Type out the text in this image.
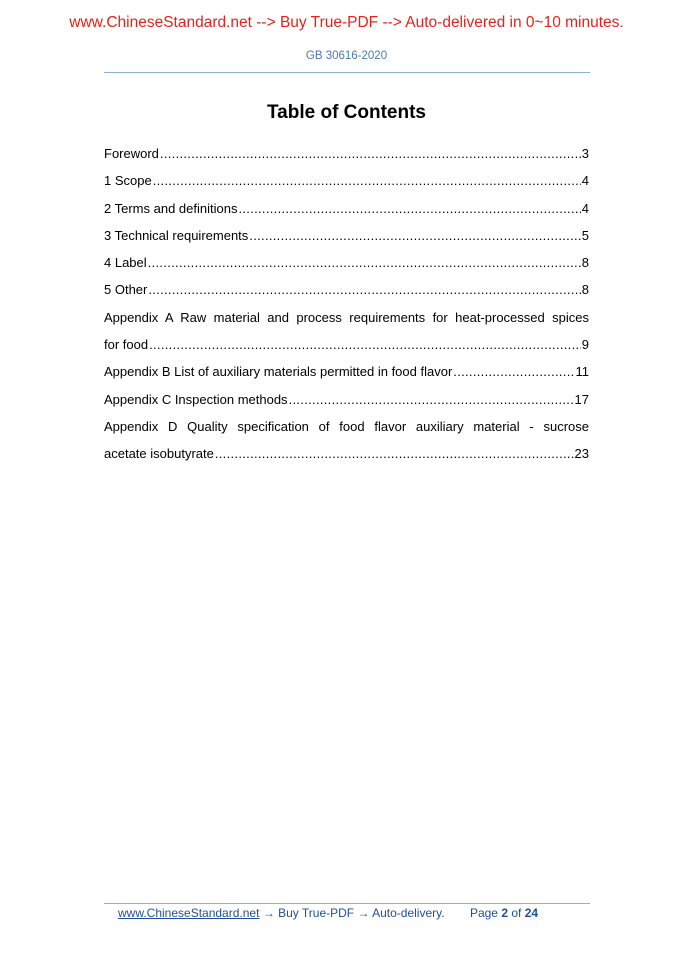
www.ChineseStandard.net --> Buy True-PDF --> Auto-delivered in 0~10 minutes.
GB 30616-2020
Table of Contents
Foreword .....	3
1 Scope .....	4
2 Terms and definitions .....	4
3 Technical requirements .....	5
4 Label .....	8
5 Other .....	8
Appendix A Raw material and process requirements for heat-processed spices
for food .....	9
Appendix B List of auxiliary materials permitted in food flavor .....	11
Appendix C Inspection methods .....	17
Appendix D Quality specification of food flavor auxiliary material - sucrose
acetate isobutyrate .....	23
www.ChineseStandard.net → Buy True-PDF → Auto-delivery. Page 2 of 24
